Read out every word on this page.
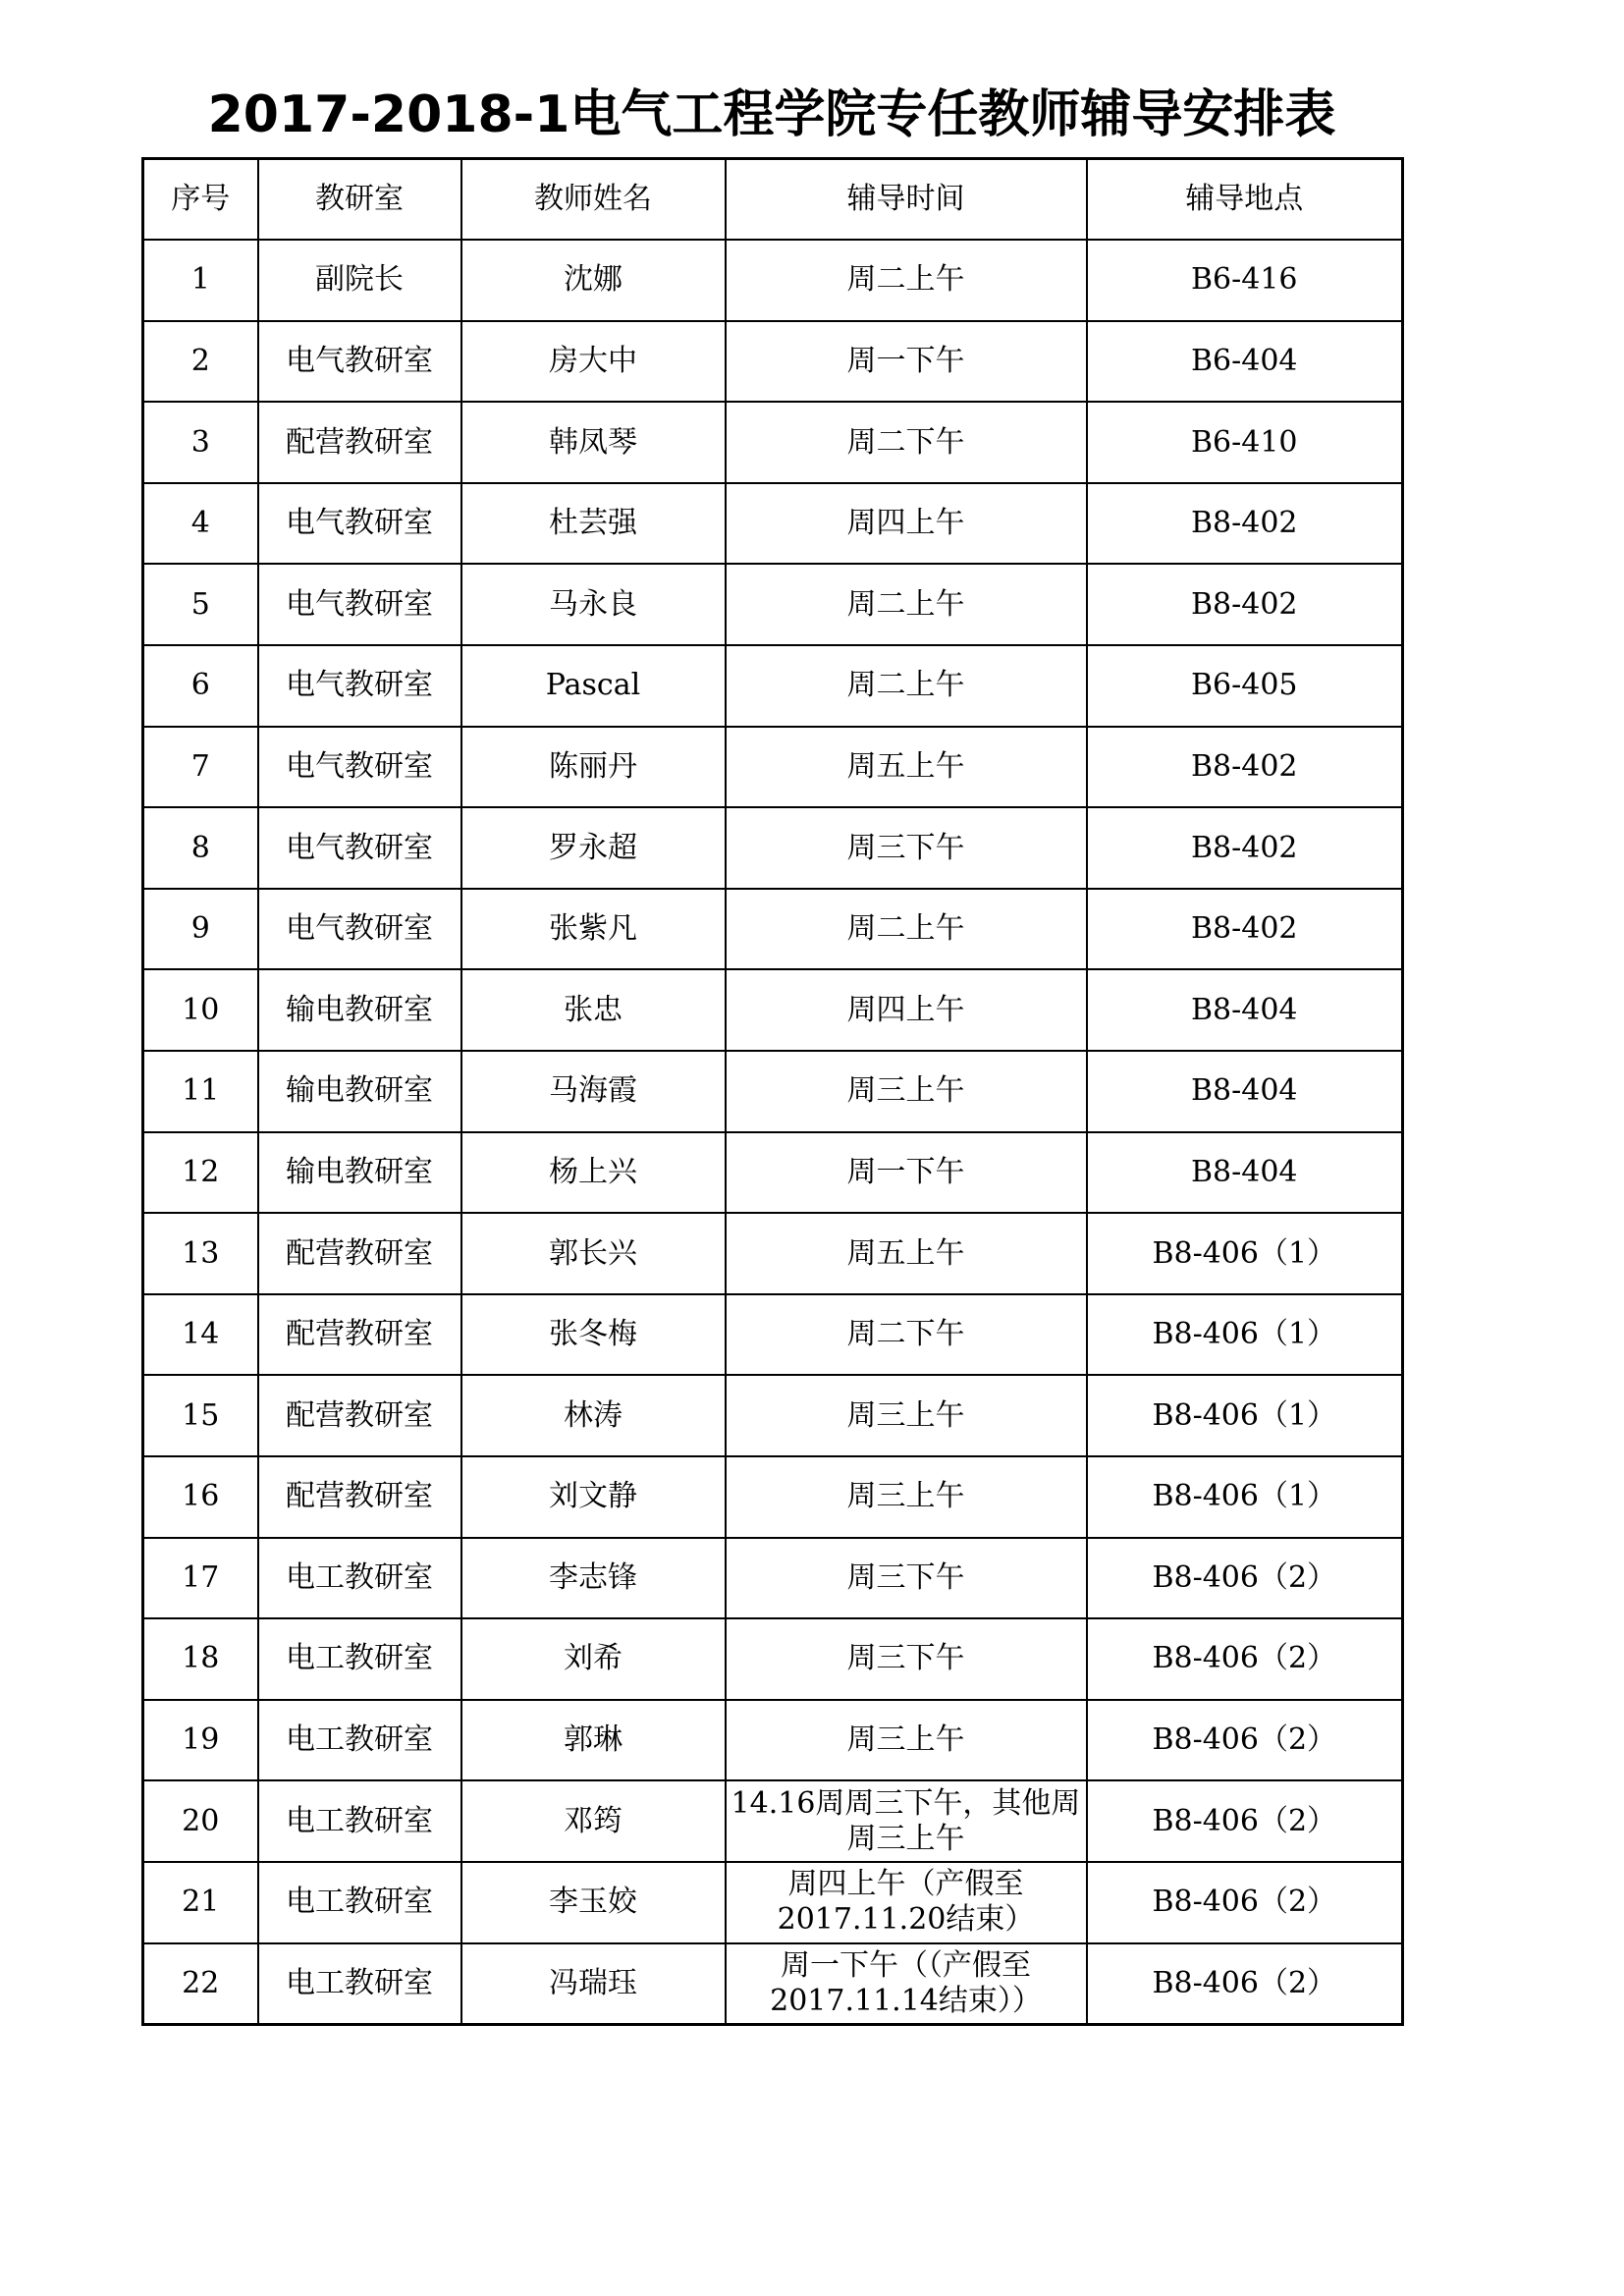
2017-2018-1电气工程学院专任教师辅导安排表
序号	教研室	教师姓名	辅导时间	辅导地点
1	副院长	沈娜	周二上午	B6-416
2	电气教研室	房大中	周一下午	B6-404
3	配营教研室	韩凤琴	周二下午	B6-410
4	电气教研室	杜芸强	周四上午	B8-402
5	电气教研室	马永良	周二上午	B8-402
6	电气教研室	Pascal	周二上午	B6-405
7	电气教研室	陈丽丹	周五上午	B8-402
8	电气教研室	罗永超	周三下午	B8-402
9	电气教研室	张紫凡	周二上午	B8-402
10	输电教研室	张忠	周四上午	B8-404
11	输电教研室	马海霞	周三上午	B8-404
12	输电教研室	杨上兴	周一下午	B8-404
13	配营教研室	郭长兴	周五上午	B8-406（1）
14	配营教研室	张冬梅	周二下午	B8-406（1）
15	配营教研室	林涛	周三上午	B8-406（1）
16	配营教研室	刘文静	周三上午	B8-406（1）
17	电工教研室	李志锋	周三下午	B8-406（2）
18	电工教研室	刘希	周三下午	B8-406（2）
19	电工教研室	郭琳	周三上午	B8-406（2）
20	电工教研室	邓筠	14.16周周三下午，其他周周三上午	B8-406（2）
21	电工教研室	李玉姣	周四上午（产假至2017.11.20结束）	B8-406（2）
22	电工教研室	冯瑞珏	周一下午（（产假至2017.11.14结束））	B8-406（2）
